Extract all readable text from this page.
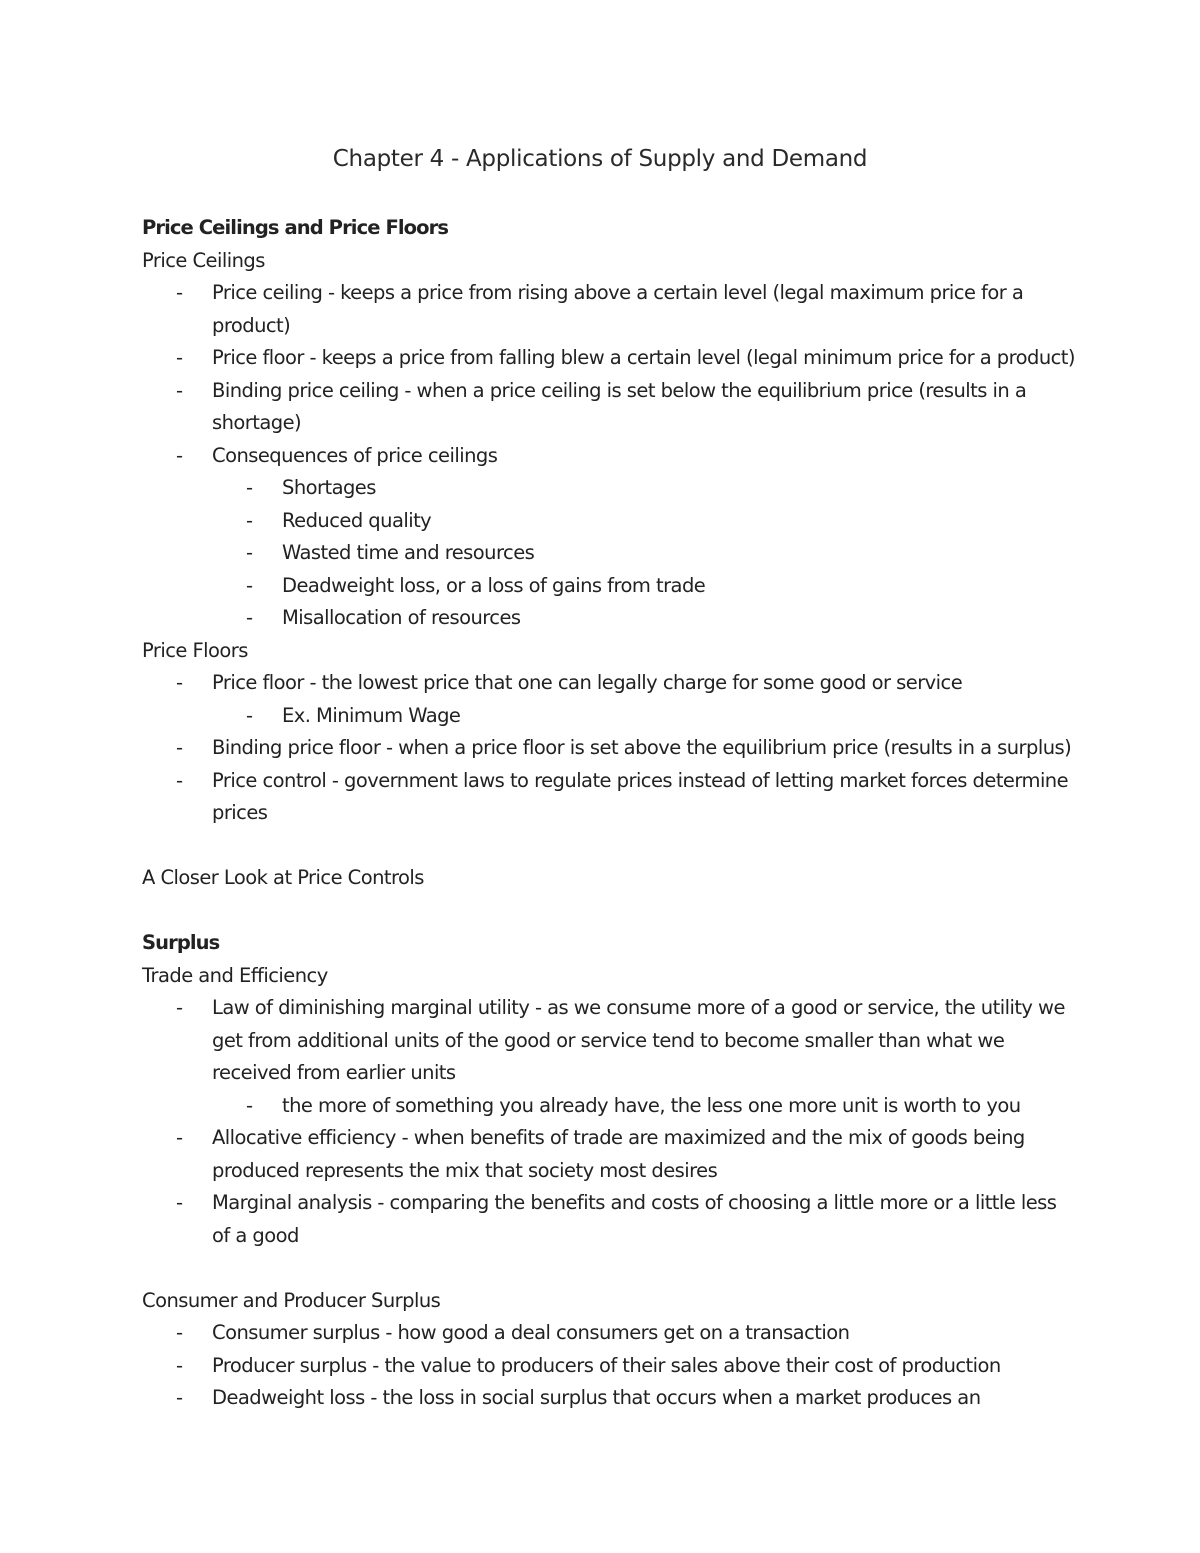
Chapter 4 - Applications of Supply and Demand
Price Ceilings and Price Floors
Price Ceilings
- Price ceiling - keeps a price from rising above a certain level (legal maximum price for a
product)
- Price floor - keeps a price from falling blew a certain level (legal minimum price for a product)
- Binding price ceiling - when a price ceiling is set below the equilibrium price (results in a
shortage)
- Consequences of price ceilings
- Shortages
- Reduced quality
- Wasted time and resources
- Deadweight loss, or a loss of gains from trade
- Misallocation of resources
Price Floors
- Price floor - the lowest price that one can legally charge for some good or service
- Ex. Minimum Wage
- Binding price floor - when a price floor is set above the equilibrium price (results in a surplus)
- Price control - government laws to regulate prices instead of letting market forces determine
prices
A Closer Look at Price Controls
Surplus
Trade and Efficiency
- Law of diminishing marginal utility - as we consume more of a good or service, the utility we
get from additional units of the good or service tend to become smaller than what we
received from earlier units
- the more of something you already have, the less one more unit is worth to you
- Allocative efficiency - when benefits of trade are maximized and the mix of goods being
produced represents the mix that society most desires
- Marginal analysis - comparing the benefits and costs of choosing a little more or a little less
of a good
Consumer and Producer Surplus
- Consumer surplus - how good a deal consumers get on a transaction
- Producer surplus - the value to producers of their sales above their cost of production
- Deadweight loss - the loss in social surplus that occurs when a market produces an
